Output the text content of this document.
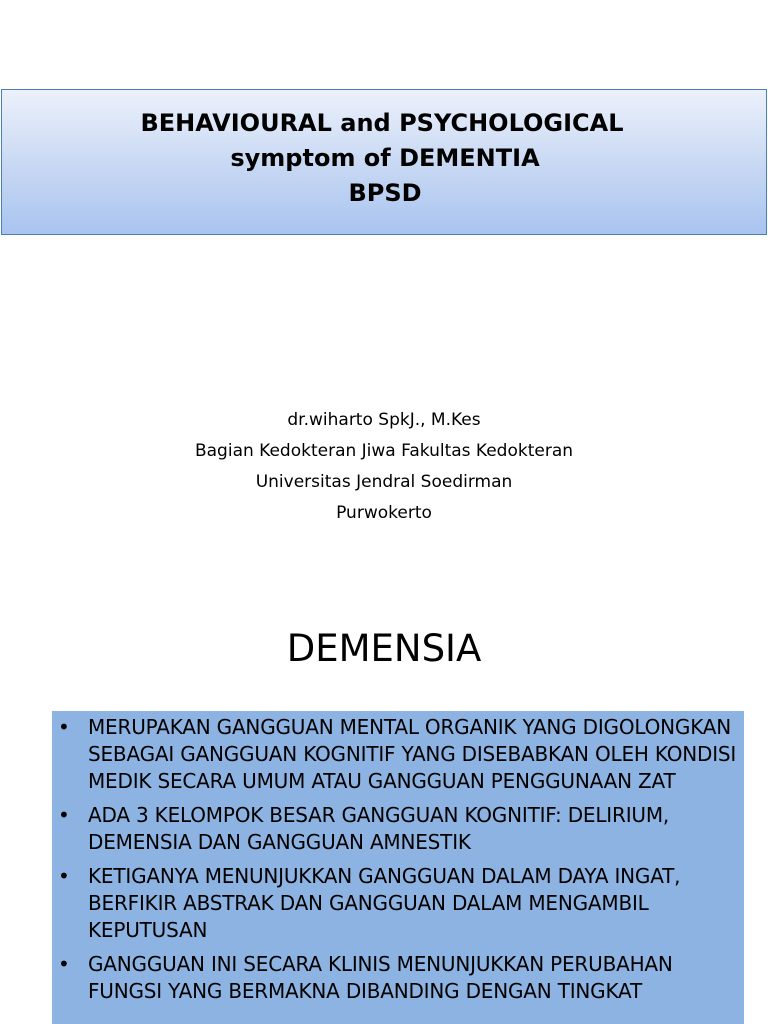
BEHAVIOURAL and PSYCHOLOGICAL
symptom of DEMENTIA
BPSD
dr.wiharto SpkJ., M.Kes
Bagian Kedokteran Jiwa Fakultas Kedokteran
Universitas Jendral Soedirman
Purwokerto
DEMENSIA
• MERUPAKAN GANGGUAN MENTAL ORGANIK YANG DIGOLONGKAN SEBAGAI GANGGUAN KOGNITIF YANG DISEBABKAN OLEH KONDISI MEDIK SECARA UMUM ATAU GANGGUAN PENGGUNAAN ZAT
• ADA 3 KELOMPOK BESAR GANGGUAN KOGNITIF: DELIRIUM, DEMENSIA DAN GANGGUAN AMNESTIK
• KETIGANYA MENUNJUKKAN GANGGUAN DALAM DAYA INGAT, BERFIKIR ABSTRAK DAN GANGGUAN DALAM MENGAMBIL KEPUTUSAN
• GANGGUAN INI SECARA KLINIS MENUNJUKKAN PERUBAHAN FUNGSI YANG BERMAKNA DIBANDING DENGAN TINGKAT
